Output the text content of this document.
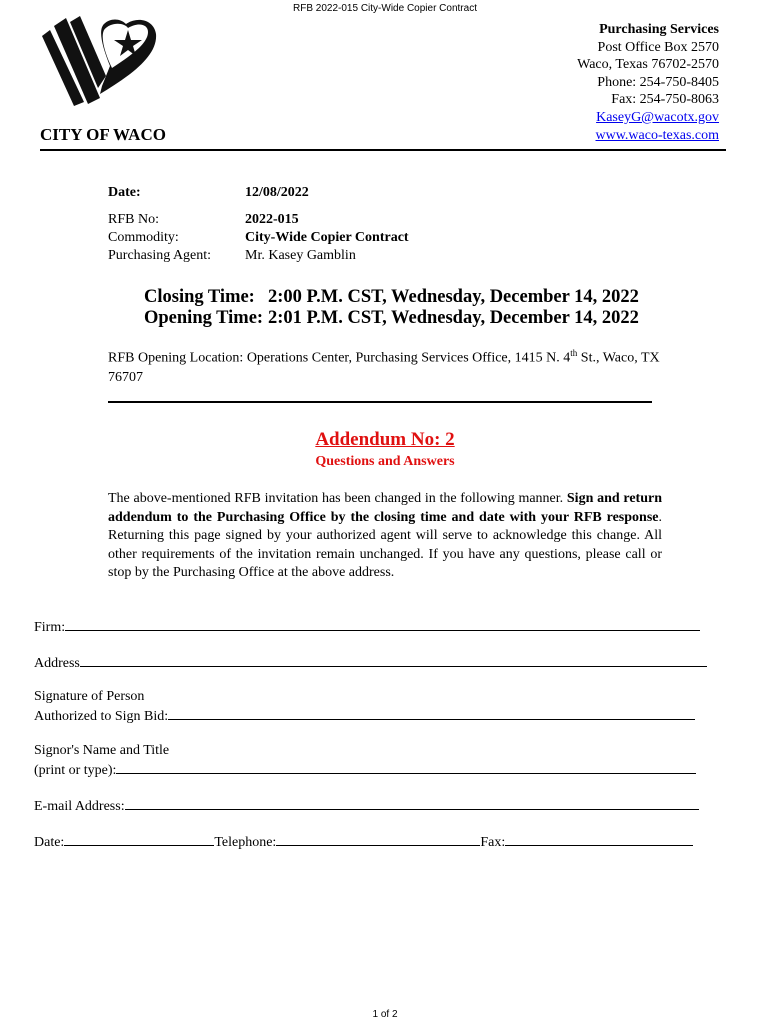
RFB 2022-015 City-Wide Copier Contract
Purchasing Services
Post Office Box 2570
Waco, Texas 76702-2570
Phone: 254-750-8405
Fax: 254-750-8063
KaseyG@wacotx.gov
www.waco-texas.com
CITY OF WACO
Date:	12/08/2022
RFB No:	2022-015
Commodity:	City-Wide Copier Contract
Purchasing Agent: Mr. Kasey Gamblin
Closing Time: 2:00 P.M. CST, Wednesday, December 14, 2022
Opening Time: 2:01 P.M. CST, Wednesday, December 14, 2022
RFB Opening Location: Operations Center, Purchasing Services Office, 1415 N. 4th St., Waco, TX 76707
Addendum No: 2
Questions and Answers
The above-mentioned RFB invitation has been changed in the following manner. Sign and return addendum to the Purchasing Office by the closing time and date with your RFB response. Returning this page signed by your authorized agent will serve to acknowledge this change. All other requirements of the invitation remain unchanged. If you have any questions, please call or stop by the Purchasing Office at the above address.
Firm:
Address
Signature of Person
Authorized to Sign Bid:
Signor's Name and Title
(print or type):
E-mail Address:
Date:	Telephone:	Fax:
1 of 2
